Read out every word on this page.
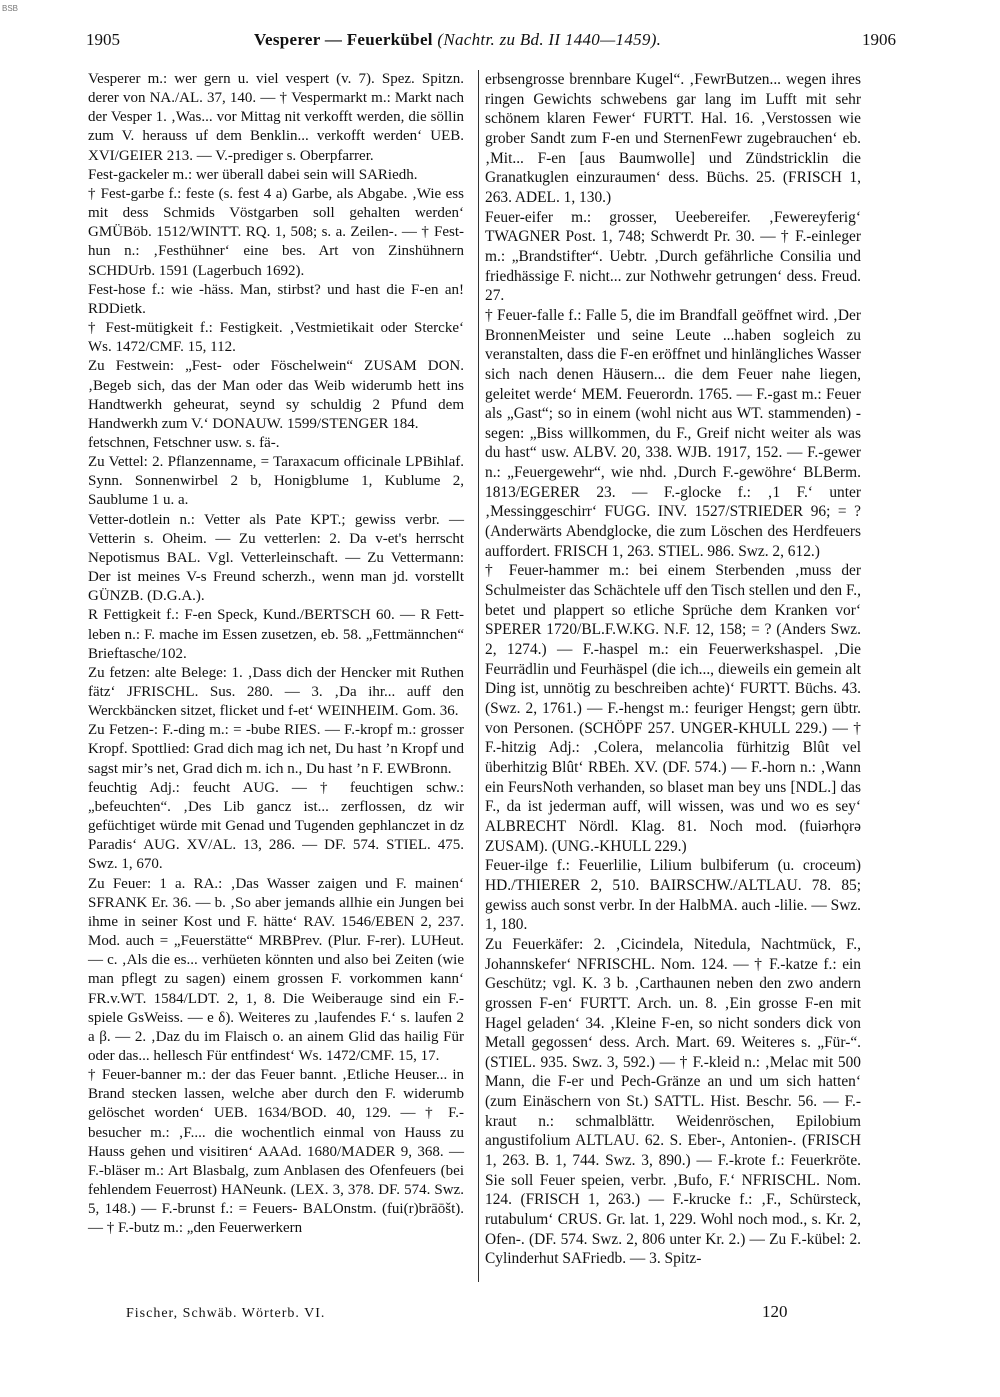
BSB
1905	Vesperer — Feuerkübel (Nachtr. zu Bd. II 1440—1459).	1906

Vesperer m.: wer gern u. viel vespert (v. 7). Spez. Spitzn. derer von NA./AL. 37, 140. — † Vespermarkt m.: Markt nach der Vesper 1. ‚Was... vor Mittag nit verkofft werden, die söllin zum V. herauss uf dem Benklin... verkofft werden‘ UEB. XVI/GEIER 213. — V.-prediger s. Oberpfarrer.

Fest-gackeler m.: wer überall dabei sein will SARiedh.

† Fest-garbe f.: feste (s. fest 4 a) Garbe, als Abgabe. ‚Wie ess mit dess Schmids Vöstgarben soll gehalten werden‘ GMÜBöb. 1512/WINTT. RQ. 1, 508; s. a. Zeilen-. — † Fest-hun n.: ‚Festhühner‘ eine bes. Art von Zinshühnern SCHDUrb. 1591 (Lagerbuch 1692).

Fest-hose f.: wie -häss. Man, stirbst? und hast die F-en an! RDDietk.

† Fest-mütigkeit f.: Festigkeit. ‚Vestmietikait oder Stercke‘ Ws. 1472/CMF. 15, 112.

Zu Festwein: „Fest- oder Föschelwein“ ZUSAM DON. ‚Begeb sich, das der Man oder das Weib widerumb hett ins Handtwerkh geheurat, seynd sy schuldig 2 Pfund dem Handwerkh zum V.‘ DONAUW. 1599/STENGER 184.

fetschnen, Fetschner usw. s. fä-.

Zu Vettel: 2. Pflanzenname, = Taraxacum officinale LPBihlaf. Synn. Sonnenwirbel 2 b, Honigblume 1, Kublume 2, Saublume 1 u. a.

Vetter-dotlein n.: Vetter als Pate KPT.; gewiss verbr. — Vetterin s. Oheim. — Zu vetterlen: 2. Da v-et's herrscht Nepotismus BAL. Vgl. Vetterleinschaft. — Zu Vettermann: Der ist meines V-s Freund scherzh., wenn man jd. vorstellt GÜNZB. (D.G.A.).

R Fettigkeit f.: F-en Speck, Kund./BERTSCH 60. — R Fett-leben n.: F. mache im Essen zusetzen, eb. 58. „Fettmännchen“ Brieftasche/102.

Zu fetzen: alte Belege: 1. ‚Dass dich der Hencker mit Ruthen fätz‘ JFRISCHL. Sus. 280. — 3. ‚Da ihr... auff den Werckbäncken sitzet, flicket und f-et‘ WEINHEIM. Gom. 36.

Zu Fetzen-: F.-ding m.: = -bube RIES. — F.-kropf m.: grosser Kropf. Spottlied: Grad dich mag ich net, Du hast ’n Kropf und sagst mir’s net, Grad dich m. ich n., Du hast ’n F. EWBronn.

feuchtig Adj.: feucht AUG. — † feuchtigen schw.: „befeuchten“. ‚Des Lib gancz ist... zerflossen, dz wir gefüchtiget würde mit Genad und Tugenden gephlanczet in dz Paradis‘ AUG. XV/AL. 13, 286. — DF. 574. STIEL. 475. Swz. 1, 670.

Zu Feuer: 1 a. RA.: ‚Das Wasser zaigen und F. mainen‘ SFRANK Er. 36. — b. ‚So aber jemands allhie ein Jungen bei ihme in seiner Kost und F. hätte‘ RAV. 1546/EBEN 2, 237. Mod. auch = „Feuerstätte“ MRBPrev. (Plur. F-rer). LUHeut. — c. ‚Als die es... verhüeten könnten und also bei Zeiten (wie man pflegt zu sagen) einem grossen F. vorkommen kann‘ FR.v.WT. 1584/LDT. 2, 1, 8. Die Weiberauge sind ein F.-spiele GsWeiss. — e δ). Weiteres zu ‚laufendes F.‘ s. laufen 2 a β. — 2. ‚Daz du im Flaisch o. an ainem Glid das hailig Für oder das... hellesch Für entfindest‘ Ws. 1472/CMF. 15, 17.

† Feuer-banner m.: der das Feuer bannt. ‚Etliche Heuser... in Brand stecken lassen, welche aber durch den F. widerumb gelöschet worden‘ UEB. 1634/BOD. 40, 129. — † F.-besucher m.: ‚F.... die wochentlich einmal von Hauss zu Hauss gehen und visitiren‘ AAAd. 1680/MADER 9, 368. — F.-bläser m.: Art Blasbalg, zum Anblasen des Ofenfeuers (bei fehlendem Feuerrost) HANeunk. (LEX. 3, 378. DF. 574. Swz. 5, 148.) — F.-brunst f.: = Feuers- BALOnstm. (fui(r)brāōšt). — † F.-butz m.: „den Feuerwerkern

erbsengrosse brennbare Kugel“. ‚FewrButzen... wegen ihres ringen Gewichts schwebens gar lang im Lufft mit sehr schönem klaren Fewer‘ FURTT. Hal. 16. ‚Verstossen wie grober Sandt zum F-en und SternenFewr zugebrauchen‘ eb. ‚Mit... F-en [aus Baumwolle] und Zündstricklin die Granatkuglen einzuraumen‘ dess. Büchs. 25. (FRISCH 1, 263. ADEL. 1, 130.)

Feuer-eifer m.: grosser, Ueebereifer. ‚Fewereyferig‘ TWAGNER Post. 1, 748; Schwerdt Pr. 30. — † F.-einleger m.: „Brandstifter“. Uebtr. ‚Durch gefährliche Consilia und friedhässige F. nicht... zur Nothwehr getrungen‘ dess. Freud. 27.

† Feuer-falle f.: Falle 5, die im Brandfall geöffnet wird. ‚Der BronnenMeister und seine Leute ...haben sogleich zu veranstalten, dass die F-en eröffnet und hinlängliches Wasser sich nach denen Häusern... die dem Feuer nahe liegen, geleitet werde‘ MEM. Feuerordn. 1765. — F.-gast m.: Feuer als „Gast“; so in einem (wohl nicht aus WT. stammenden) -segen: „Biss willkommen, du F., Greif nicht weiter als was du hast“ usw. ALBV. 20, 338. WJB. 1917, 152. — F.-gewer n.: „Feuergewehr“, wie nhd. ‚Durch F.-gewöhre‘ BLBerm. 1813/EGERER 23. — F.-glocke f.: ‚1 F.‘ unter ‚Messinggeschirr‘ FUGG. INV. 1527/STRIEDER 96; = ? (Anderwärts Abendglocke, die zum Löschen des Herdfeuers auffordert. FRISCH 1, 263. STIEL. 986. Swz. 2, 612.)

† Feuer-hammer m.: bei einem Sterbenden ‚muss der Schulmeister das Schächtele uff den Tisch stellen und den F., betet und plappert so etliche Sprüche dem Kranken vor‘ SPERER 1720/BL.F.W.KG. N.F. 12, 158; = ? (Anders Swz. 2, 1274.) — F.-haspel m.: ein Feuerwerkshaspel. ‚Die Feurrädlin und Feurhäspel (die ich..., dieweils ein gemein alt Ding ist, unnötig zu beschreiben achte)‘ FURTT. Büchs. 43. (Swz. 2, 1761.) — F.-hengst m.: feuriger Hengst; gern übtr. von Personen. (SCHÖPF 257. UNGER-KHULL 229.) — † F.-hitzig Adj.: ‚Colera, melancolia fürhitzig Blût vel überhitzig Blût‘ RBEh. XV. (DF. 574.) — F.-horn n.: ‚Wann ein FeursNoth verhanden, so blaset man bey uns [NDL.] das F., da ist jederman auff, will wissen, was und wo es sey‘ ALBRECHT Nördl. Klag. 81. Noch mod. (fuiərhǫrə ZUSAM). (UNG.-KHULL 229.)

Feuer-ilge f.: Feuerlilie, Lilium bulbiferum (u. croceum) HD./THIERER 2, 510. BAIRSCHW./ALTLAU. 78. 85; gewiss auch sonst verbr. In der HalbMA. auch -lilie. — Swz. 1, 180.

Zu Feuerkäfer: 2. ‚Cicindela, Nitedula, Nachtmück, F., Johannskefer‘ NFRISCHL. Nom. 124. — † F.-katze f.: ein Geschütz; vgl. K. 3 b. ‚Carthaunen neben den zwo andern grossen F-en‘ FURTT. Arch. un. 8. ‚Ein grosse F-en mit Hagel geladen‘ 34. ‚Kleine F-en, so nicht sonders dick von Metall gegossen‘ dess. Arch. Mart. 69. Weiteres s. „Für-“. (STIEL. 935. Swz. 3, 592.) — † F.-kleid n.: ‚Melac mit 500 Mann, die F-er und Pech-Gränze an und um sich hatten‘ (zum Einäschern von St.) SATTL. Hist. Beschr. 56. — F.-kraut n.: schmalblättr. Weidenröschen, Epilobium angustifolium ALTLAU. 62. S. Eber-, Antonien-. (FRISCH 1, 263. B. 1, 744. Swz. 3, 890.) — F.-krote f.: Feuerkröte. Sie soll Feuer speien, verbr. ‚Bufo, F.‘ NFRISCHL. Nom. 124. (FRISCH 1, 263.) — F.-krucke f.: ‚F., Schürsteck, rutabulum‘ CRUS. Gr. lat. 1, 229. Wohl noch mod., s. Kr. 2, Ofen-. (DF. 574. Swz. 2, 806 unter Kr. 2.) — Zu F.-kübel: 2. Cylinderhut SAFriedb. — 3. Spitz-

Fischer, Schwäb. Wörterb. VI.	120
